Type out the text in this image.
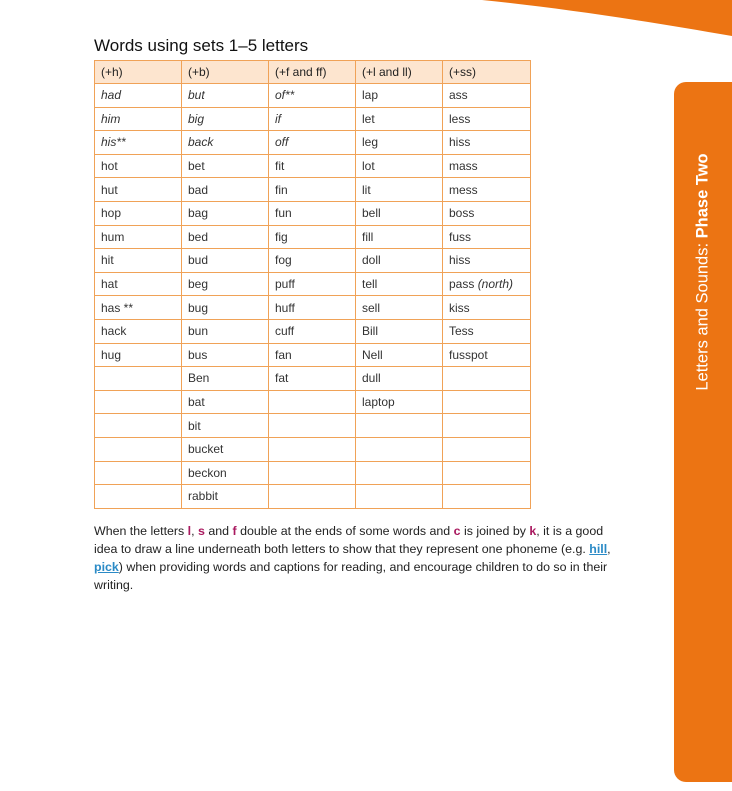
Letters and Sounds: Phase Two
Words using sets 1–5 letters
(+h)	(+b)	(+f and ff)	(+l and ll)	(+ss)
had	but	of**	lap	ass
him	big	if	let	less
his**	back	off	leg	hiss
hot	bet	fit	lot	mass
hut	bad	fin	lit	mess
hop	bag	fun	bell	boss
hum	bed	fig	fill	fuss
hit	bud	fog	doll	hiss
hat	beg	puff	tell	pass (north)
has **	bug	huff	sell	kiss
hack	bun	cuff	Bill	Tess
hug	bus	fan	Nell	fusspot
	Ben	fat	dull	
	bat		laptop	
	bit			
	bucket			
	beckon			
	rabbit			

When the letters l, s and f double at the ends of some words and c is joined by k, it is a good idea to draw a line underneath both letters to show that they represent one phoneme (e.g. hill, pick) when providing words and captions for reading, and encourage children to do so in their writing.
